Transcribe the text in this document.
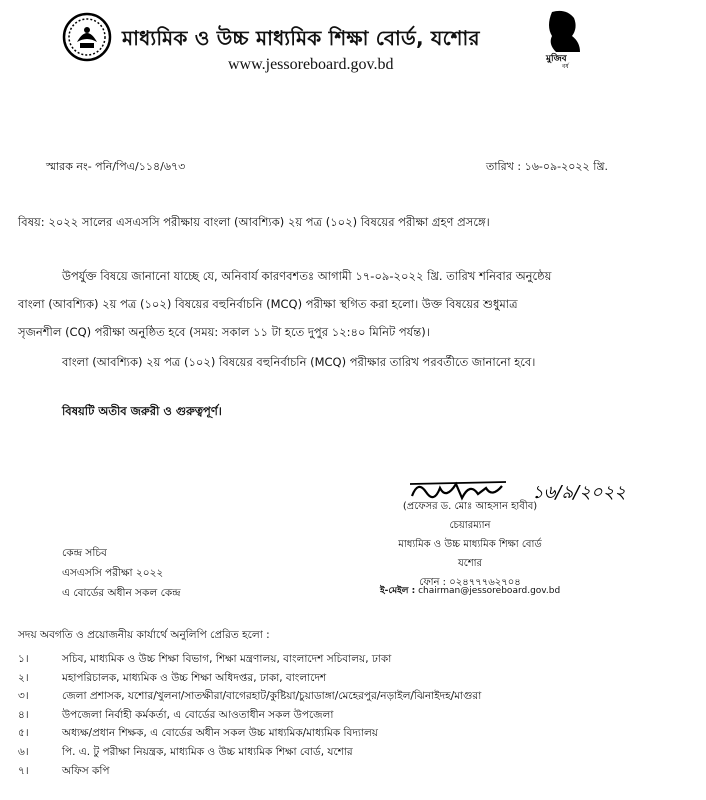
মাধ্যমিক ও উচ্চ মাধ্যমিক শিক্ষা বোর্ড, যশোর
www.jessoreboard.gov.bd	মুজিব
বর্ষ
স্মারক নং- পনি/পিএ/১১৪/৬৭৩	তারিখ : ১৬-০৯-২০২২ খ্রি.
বিষয়: ২০২২ সালের এসএসসি পরীক্ষায় বাংলা (আবশ্যিক) ২য় পত্র (১০২) বিষয়ের পরীক্ষা গ্রহণ প্রসঙ্গে।
উপর্যুক্ত বিষয়ে জানানো যাচ্ছে যে, অনিবার্য কারণবশতঃ আগামী ১৭-০৯-২০২২ খ্রি. তারিখ শনিবার অনুষ্ঠেয়
বাংলা (আবশ্যিক) ২য় পত্র (১০২) বিষয়ের বহুনির্বাচনি (MCQ) পরীক্ষা স্থগিত করা হলো। উক্ত বিষয়ের শুধুমাত্র
সৃজনশীল (CQ) পরীক্ষা অনুষ্ঠিত হবে (সময়: সকাল ১১ টা হতে দুপুর ১২:৪০ মিনিট পর্যন্ত)।
বাংলা (আবশ্যিক) ২য় পত্র (১০২) বিষয়ের বহুনির্বাচনি (MCQ) পরীক্ষার তারিখ পরবর্তীতে জানানো হবে।
বিষয়টি অতীব জরুরী ও গুরুত্বপূর্ণ।
১৬/৯/২০২২
(প্রফেসর ড. মোঃ আহসান হাবীব)
চেয়ারম্যান
মাধ্যমিক ও উচ্চ মাধ্যমিক শিক্ষা বোর্ড
যশোর
ফোন : ০২৪৭৭৭৬২৭০৪
ই-মেইল : chairman@jessoreboard.gov.bd
কেন্দ্র সচিব
এসএসসি পরীক্ষা ২০২২
এ বোর্ডের অধীন সকল কেন্দ্র
সদয় অবগতি ও প্রয়োজনীয় কার্যার্থে অনুলিপি প্রেরিত হলো :
১।	সচিব, মাধ্যমিক ও উচ্চ শিক্ষা বিভাগ, শিক্ষা মন্ত্রণালয়, বাংলাদেশ সচিবালয়, ঢাকা
২।	মহাপরিচালক, মাধ্যমিক ও উচ্চ শিক্ষা অধিদপ্তর, ঢাকা, বাংলাদেশ
৩।	জেলা প্রশাসক, যশোর/খুলনা/সাতক্ষীরা/বাগেরহাট/কুষ্টিয়া/চুয়াডাঙ্গা/মেহেরপুর/নড়াইল/ঝিনাইদহ/মাগুরা
৪।	উপজেলা নির্বাহী কর্মকর্তা, এ বোর্ডের আওতাধীন সকল উপজেলা
৫।	অধ্যক্ষ/প্রধান শিক্ষক, এ বোর্ডের অধীন সকল উচ্চ মাধ্যমিক/মাধ্যমিক বিদ্যালয়
৬।	পি. এ. টু পরীক্ষা নিয়ন্ত্রক, মাধ্যমিক ও উচ্চ মাধ্যমিক শিক্ষা বোর্ড, যশোর
৭।	অফিস কপি
